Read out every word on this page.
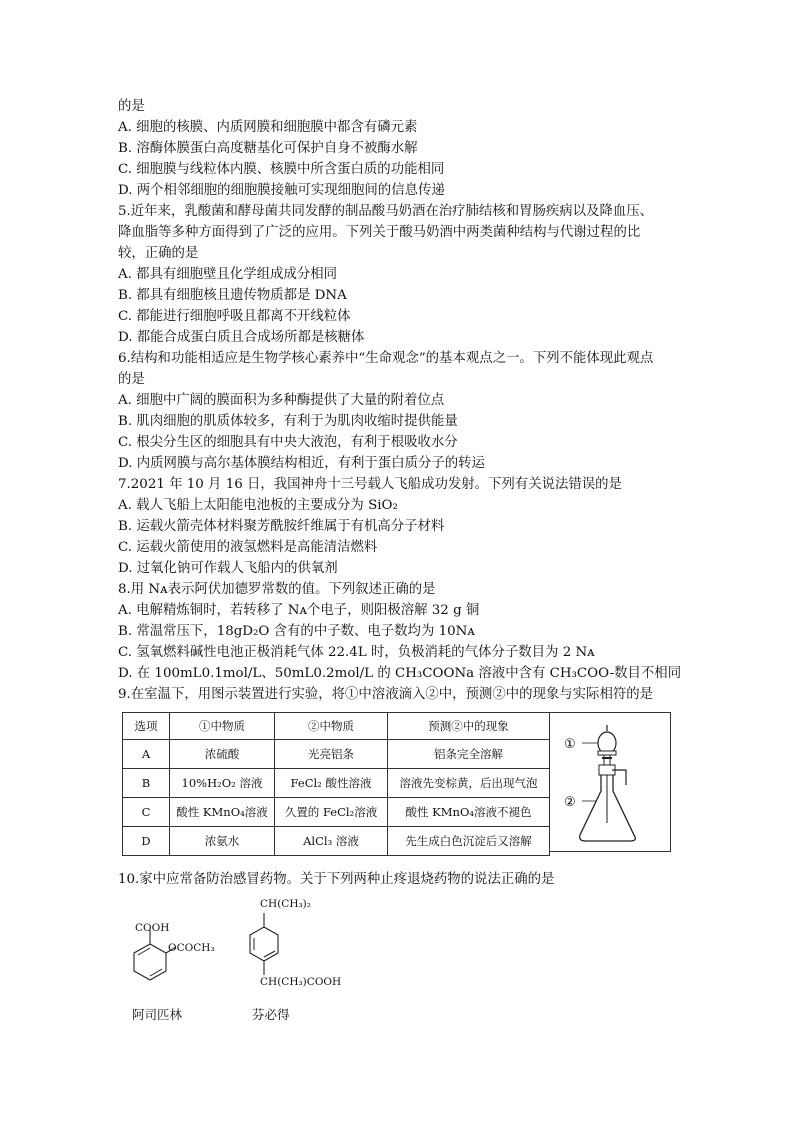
的是
A. 细胞的核膜、内质网膜和细胞膜中都含有磷元素
B. 溶酶体膜蛋白高度糖基化可保护自身不被酶水解
C. 细胞膜与线粒体内膜、核膜中所含蛋白质的功能相同
D. 两个相邻细胞的细胞膜接触可实现细胞间的信息传递
5.近年来，乳酸菌和酵母菌共同发酵的制品酸马奶酒在治疗肺结核和胃肠疾病以及降血压、
降血脂等多种方面得到了广泛的应用。下列关于酸马奶酒中两类菌种结构与代谢过程的比
较，正确的是
A. 都具有细胞壁且化学组成成分相同
B. 都具有细胞核且遗传物质都是 DNA
C. 都能进行细胞呼吸且都离不开线粒体
D. 都能合成蛋白质且合成场所都是核糖体
6.结构和功能相适应是生物学核心素养中“生命观念”的基本观点之一。下列不能体现此观点
的是
A. 细胞中广阔的膜面积为多种酶提供了大量的附着位点
B. 肌肉细胞的肌质体较多，有利于为肌肉收缩时提供能量
C. 根尖分生区的细胞具有中央大液泡，有利于根吸收水分
D. 内质网膜与高尔基体膜结构相近，有利于蛋白质分子的转运
7.2021 年 10 月 16 日，我国神舟十三号载人飞船成功发射。下列有关说法错误的是
A. 载人飞船上太阳能电池板的主要成分为 SiO₂
B. 运载火箭壳体材料聚芳酰胺纤维属于有机高分子材料
C. 运载火箭使用的液氢燃料是高能清洁燃料
D. 过氧化钠可作载人飞船内的供氧剂
8.用 Nᴀ表示阿伏加德罗常数的值。下列叙述正确的是
A. 电解精炼铜时，若转移了 Nᴀ个电子，则阳极溶解 32 g 铜
B. 常温常压下，18gD₂O 含有的中子数、电子数均为 10Nᴀ
C. 氢氧燃料碱性电池正极消耗气体 22.4L 时，负极消耗的气体分子数目为 2 Nᴀ
D. 在 100mL0.1mol/L、50mL0.2mol/L 的 CH₃COONa 溶液中含有 CH₃COO-数目不相同
9.在室温下，用图示装置进行实验，将①中溶液滴入②中，预测②中的现象与实际相符的是
选项	①中物质	②中物质	预测②中的现象
A	浓硫酸	光亮铝条	铝条完全溶解
B	10%H₂O₂ 溶液	FeCl₂ 酸性溶液	溶液先变棕黄，后出现气泡
C	酸性 KMnO₄溶液	久置的 FeCl₂溶液	酸性 KMnO₄溶液不褪色
D	浓氨水	AlCl₃ 溶液	先生成白色沉淀后又溶解
①
②
10.家中应常备防治感冒药物。关于下列两种止疼退烧药物的说法正确的是
COOH
OCOCH₃
阿司匹林
CH(CH₃)₂
CH(CH₃)COOH
芬必得
